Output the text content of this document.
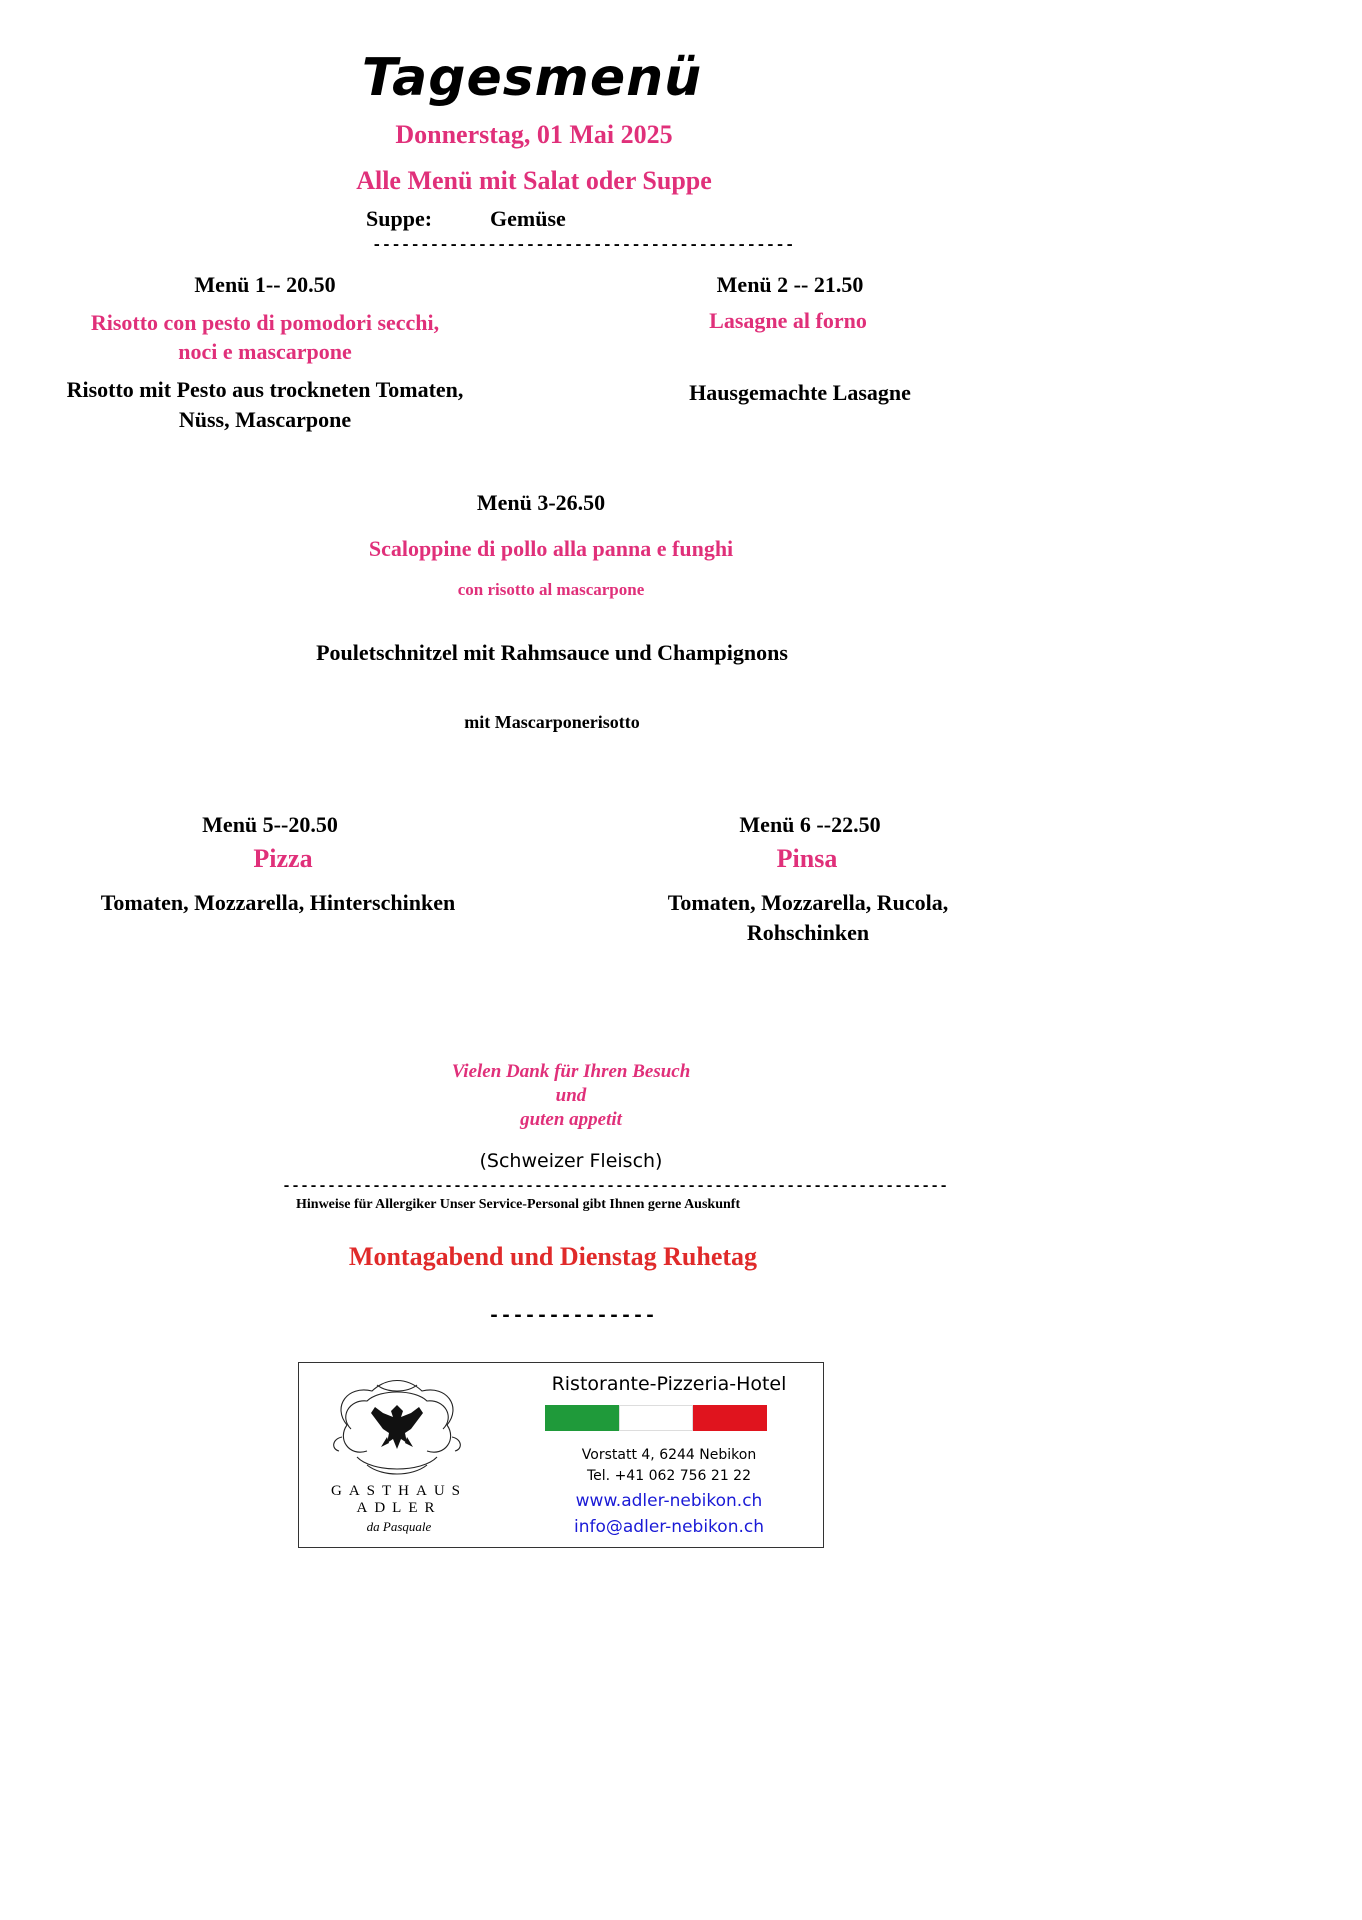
Tagesmenü
Donnerstag, 01 Mai 2025
Alle Menü mit Salat oder Suppe
Suppe:	Gemüse
--------------------------------------------
Menü 1-- 20.50
Risotto con pesto di pomodori secchi,
noci e mascarpone
Risotto mit Pesto aus trockneten Tomaten,
Nüss, Mascarpone
Menü 2 -- 21.50
Lasagne al forno
Hausgemachte Lasagne
Menü 3-26.50
Scaloppine di pollo alla panna e funghi
con risotto al mascarpone
Pouletschnitzel mit Rahmsauce und Champignons
mit Mascarponerisotto
Menü 5--20.50
Pizza
Tomaten, Mozzarella, Hinterschinken
Menü 6 --22.50
Pinsa
Tomaten, Mozzarella, Rucola,
Rohschinken
Vielen Dank für Ihren Besuch
und
guten appetit
(Schweizer Fleisch)
--------------------------------------------------------------------------
Hinweise für Allergiker Unser Service-Personal gibt Ihnen gerne Auskunft
Montagabend und Dienstag Ruhetag
--------------
GASTHAUS
ADLER
da Pasquale
Ristorante-Pizzeria-Hotel
Vorstatt 4, 6244 Nebikon
Tel. +41 062 756 21 22
www.adler-nebikon.ch
info@adler-nebikon.ch
